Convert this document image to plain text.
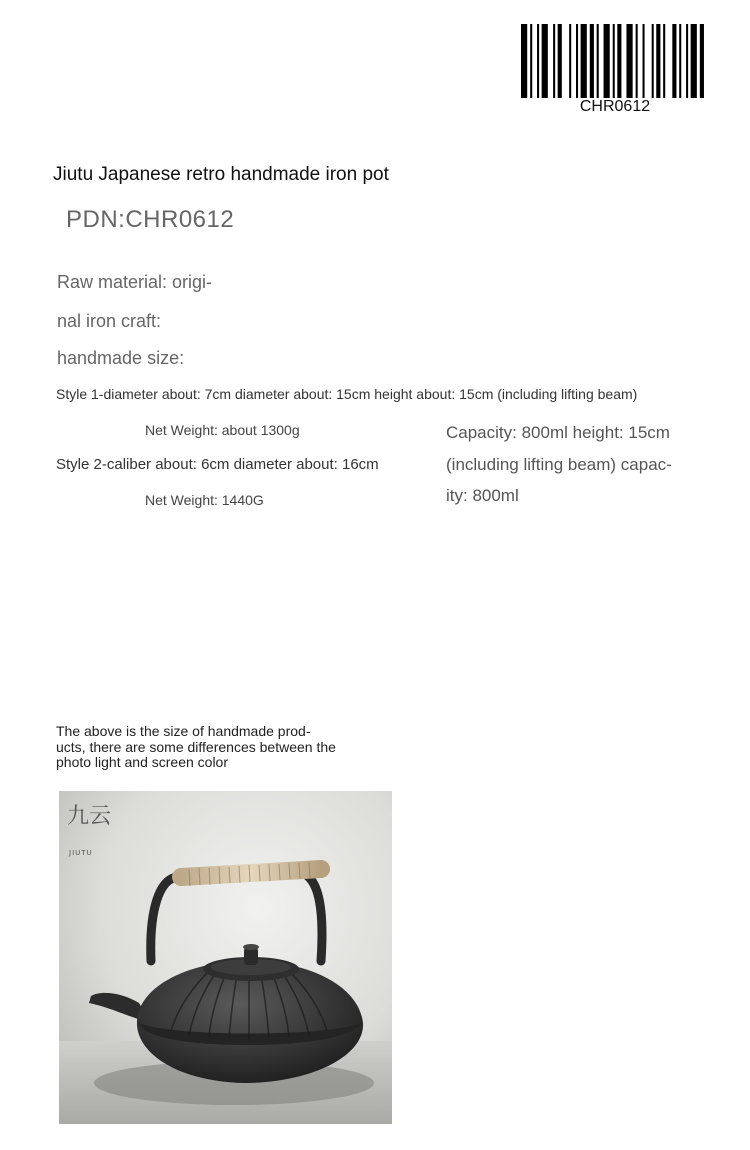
CHR0612
Jiutu Japanese retro handmade iron pot
PDN:CHR0612
Raw material: origi-
nal iron craft:
handmade size:
Style 1-diameter about: 7cm diameter about: 15cm height about: 15cm (including lifting beam)
Net Weight: about 1300g
Style 2-caliber about: 6cm diameter about: 16cm
Net Weight: 1440G
Capacity: 800ml height: 15cm (including lifting beam) capac- ity: 800ml
The above is the size of handmade prod- ucts, there are some differences between the photo light and screen color
九云
JIUTU
